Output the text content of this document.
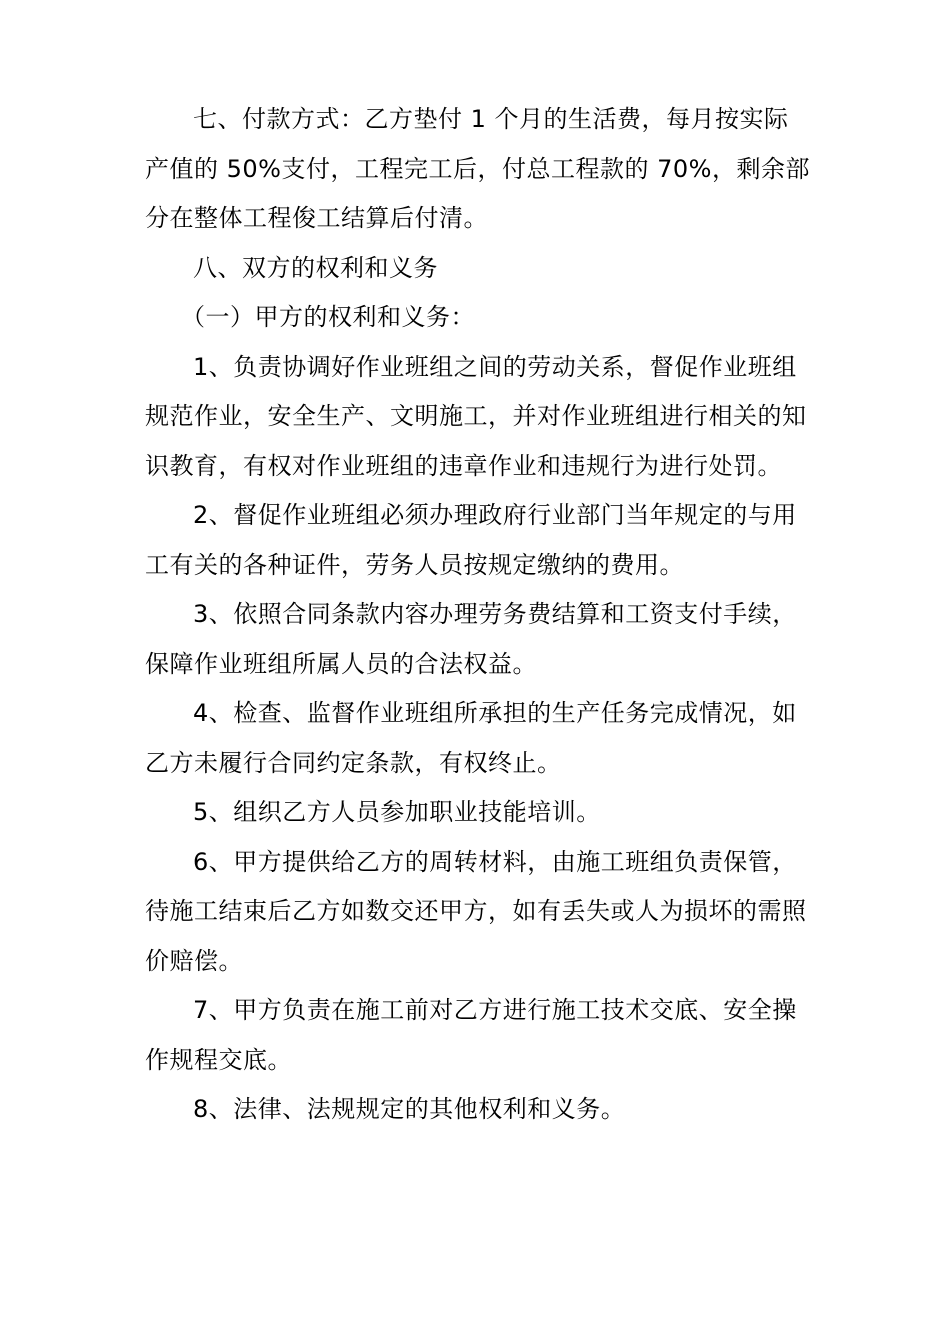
七、付款方式：乙方垫付 1 个月的生活费，每月按实际产值的 50%支付，工程完工后，付总工程款的 70%，剩余部分在整体工程俊工结算后付清。

八、双方的权利和义务

（一）甲方的权利和义务：

1、负责协调好作业班组之间的劳动关系，督促作业班组规范作业，安全生产、文明施工，并对作业班组进行相关的知识教育，有权对作业班组的违章作业和违规行为进行处罚。

2、督促作业班组必须办理政府行业部门当年规定的与用工有关的各种证件，劳务人员按规定缴纳的费用。

3、依照合同条款内容办理劳务费结算和工资支付手续，保障作业班组所属人员的合法权益。

4、检查、监督作业班组所承担的生产任务完成情况，如乙方未履行合同约定条款，有权终止。

5、组织乙方人员参加职业技能培训。

6、甲方提供给乙方的周转材料，由施工班组负责保管，待施工结束后乙方如数交还甲方，如有丢失或人为损坏的需照价赔偿。

7、甲方负责在施工前对乙方进行施工技术交底、安全操作规程交底。

8、法律、法规规定的其他权利和义务。
